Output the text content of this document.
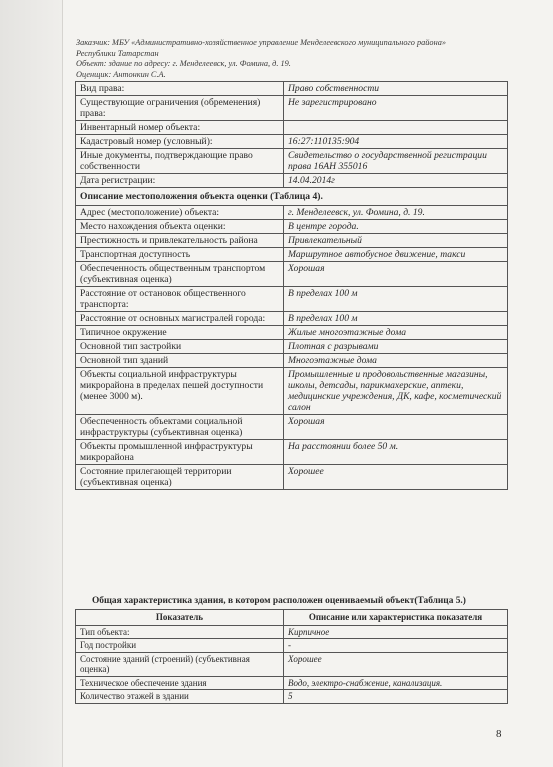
Заказчик: МБУ «Административно-хозяйственное управление Менделеевского муниципального района»
Республики Татарстан
Объект: здание по адресу: г. Менделеевск, ул. Фомина, д. 19.
Оценщик: Антонкин С.А.
Вид права:	Право собственности
Существующие ограничения (обременения) права:	Не зарегистрировано
Инвентарный номер объекта:	
Кадастровый номер (условный):	16:27:110135:904
Иные документы, подтверждающие право собственности	Свидетельство о государственной регистрации права 16АН 355016
Дата регистрации:	14.04.2014г
Описание местоположения объекта оценки (Таблица 4).	
Адрес (местоположение) объекта:	г. Менделеевск, ул. Фомина, д. 19.
Место нахождения объекта оценки:	В центре города.
Престижность и привлекательность района	Привлекательный
Транспортная доступность	Маршрутное автобусное движение, такси
Обеспеченность общественным транспортом (субъективная оценка)	Хорошая
Расстояние от остановок общественного транспорта:	В пределах 100 м
Расстояние от основных магистралей города:	В пределах 100 м
Типичное окружение	Жилые многоэтажные дома
Основной тип застройки	Плотная с разрывами
Основной тип зданий	Многоэтажные дома
Объекты социальной инфраструктуры микрорайона в пределах пешей доступности (менее 3000 м).	Промышленные и продовольственные магазины, школы, детсады, парикмахерские, аптеки, медицинские учреждения, ДК, кафе, косметический салон
Обеспеченность объектами социальной инфраструктуры (субъективная оценка)	Хорошая
Объекты промышленной инфраструктуры микрорайона	На расстоянии более 50 м.
Состояние прилегающей территории (субъективная оценка)	Хорошее
Общая характеристика здания, в котором расположен оцениваемый объект(Таблица 5.)
Показатель	Описание или характеристика показателя
Тип объекта:	Кирпичное
Год постройки	-
Состояние зданий (строений) (субъективная оценка)	Хорошее
Техническое обеспечение здания	Водо, электро-снабжение, канализация.
Количество этажей в здании	5
8
